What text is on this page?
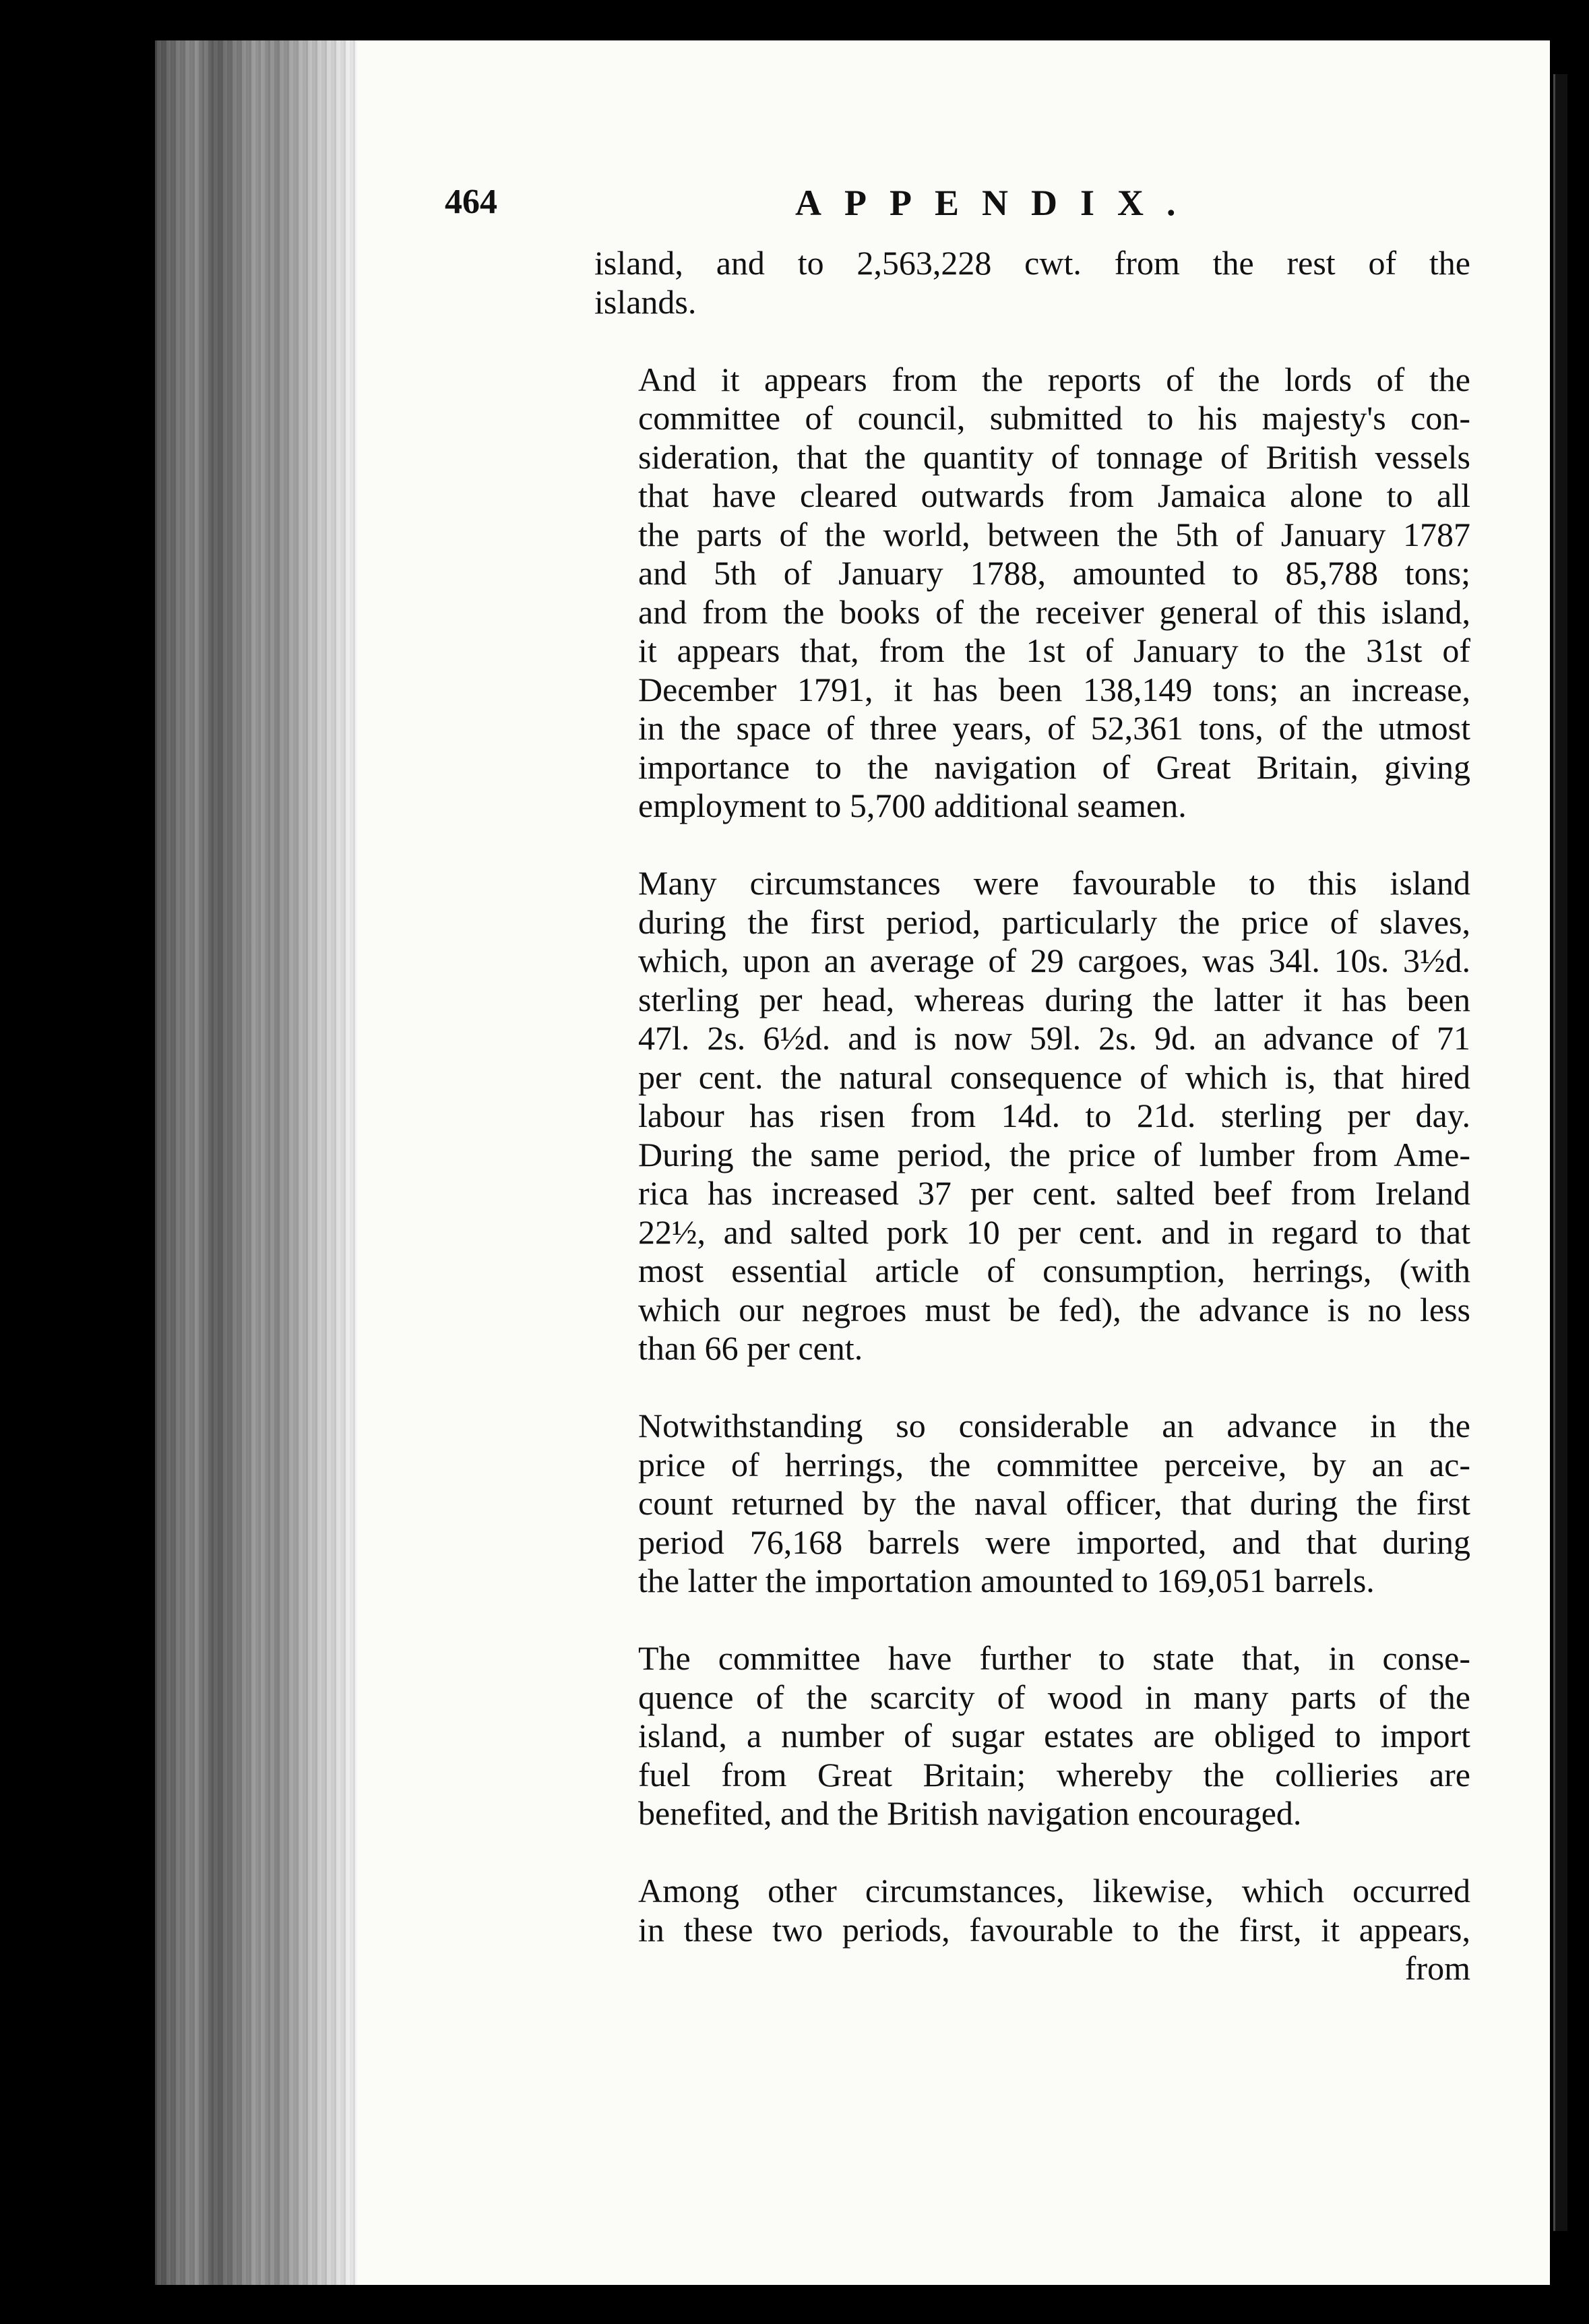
464	APPENDIX.
island, and to 2,563,228 cwt. from the rest of the
islands.
And it appears from the reports of the lords of the
committee of council, submitted to his majesty's con-
sideration, that the quantity of tonnage of British vessels
that have cleared outwards from Jamaica alone to all
the parts of the world, between the 5th of January 1787
and 5th of January 1788, amounted to 85,788 tons;
and from the books of the receiver general of this island,
it appears that, from the 1st of January to the 31st of
December 1791, it has been 138,149 tons; an increase,
in the space of three years, of 52,361 tons, of the utmost
importance to the navigation of Great Britain, giving
employment to 5,700 additional seamen.
Many circumstances were favourable to this island
during the first period, particularly the price of slaves,
which, upon an average of 29 cargoes, was 34l. 10s. 3½d.
sterling per head, whereas during the latter it has been
47l. 2s. 6½d. and is now 59l. 2s. 9d. an advance of 71
per cent. the natural consequence of which is, that hired
labour has risen from 14d. to 21d. sterling per day.
During the same period, the price of lumber from Ame-
rica has increased 37 per cent. salted beef from Ireland
22½, and salted pork 10 per cent. and in regard to that
most essential article of consumption, herrings, (with
which our negroes must be fed), the advance is no less
than 66 per cent.
Notwithstanding so considerable an advance in the
price of herrings, the committee perceive, by an ac-
count returned by the naval officer, that during the first
period 76,168 barrels were imported, and that during
the latter the importation amounted to 169,051 barrels.
The committee have further to state that, in conse-
quence of the scarcity of wood in many parts of the
island, a number of sugar estates are obliged to import
fuel from Great Britain; whereby the collieries are
benefited, and the British navigation encouraged.
Among other circumstances, likewise, which occurred
in these two periods, favourable to the first, it appears,
from
